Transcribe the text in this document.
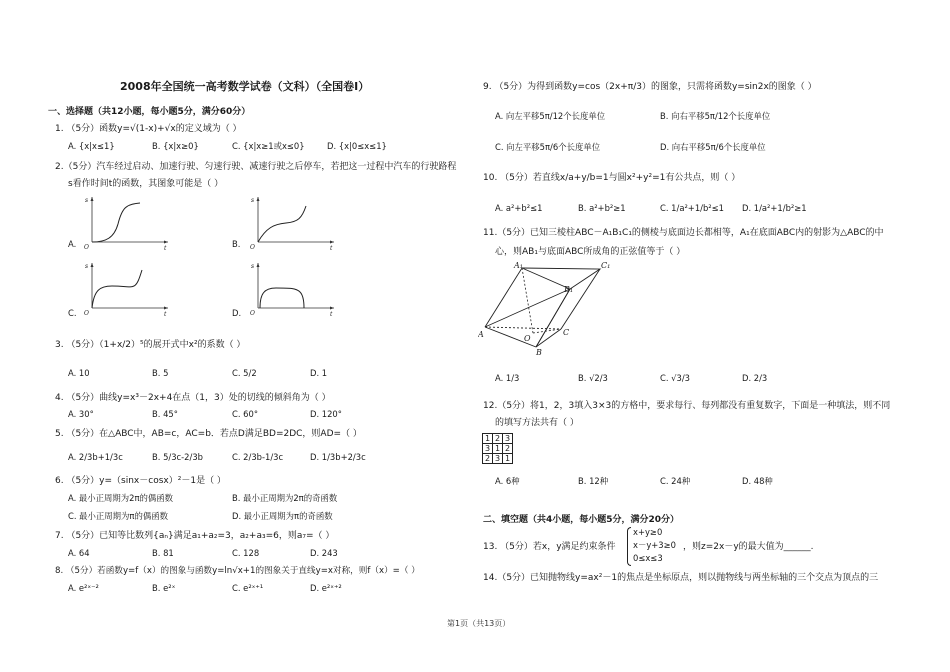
2008年全国统一高考数学试卷（文科）（全国卷Ⅰ）
一、选择题（共12小题，每小题5分，满分60分）
1. （5分）函数y=√(1-x)+√x的定义域为（ ）
A. {x|x≤1}	B. {x|x≥0}	C. {x|x≥1或x≤0}	D. {x|0≤x≤1}
2.（5分）汽车经过启动、加速行驶、匀速行驶、减速行驶之后停车，若把这一过程中汽车的行驶路程
s看作时间t的函数，其图象可能是（ ）
A.
s
t
O	B.
s
t
O
C.
s
t
O	D.
s
t
O
3. （5分）（1+x/2）⁵的展开式中x²的系数（ ）
A. 10	B. 5	C. 5/2	D. 1
4. （5分）曲线y=x³－2x+4在点（1，3）处的切线的倾斜角为（ ）
A. 30°	B. 45°	C. 60°	D. 120°
5. （5分）在△ABC中，AB=c，AC=b．若点D满足BD=2DC，则AD=（ ）
A. 2/3b+1/3c	B. 5/3c-2/3b	C. 2/3b-1/3c	D. 1/3b+2/3c
6. （5分）y=（sinx－cosx）²－1是（ ）
A. 最小正周期为2π的偶函数	B. 最小正周期为2π的奇函数
C. 最小正周期为π的偶函数	D. 最小正周期为π的奇函数
7. （5分）已知等比数列{aₙ}满足a₁+a₂=3，a₂+a₃=6，则a₇=（ ）
A. 64	B. 81	C. 128	D. 243
8. （5分）若函数y=f（x）的图象与函数y=ln√x+1的图象关于直线y=x对称，则f（x）=（ ）
A. e²ˣ⁻²	B. e²ˣ	C. e²ˣ⁺¹	D. e²ˣ⁺²
9. （5分）为得到函数y=cos（2x+π/3）的图象，只需将函数y=sin2x的图象（ ）
A. 向左平移5π/12个长度单位	B. 向右平移5π/12个长度单位
C. 向左平移5π/6个长度单位	D. 向右平移5π/6个长度单位
10. （5分）若直线x/a+y/b=1与圆x²+y²=1有公共点，则（ ）
A. a²+b²≤1	B. a²+b²≥1	C. 1/a²+1/b²≤1 D. 1/a²+1/b²≥1
11.（5分）已知三棱柱ABC－A₁B₁C₁的侧棱与底面边长都相等，A₁在底面ABC内的射影为△ABC的中
心，则AB₁与底面ABC所成角的正弦值等于（ ）
A₁	C₁
B₁
A	O
C
B
A. 1/3	B. √2/3	C. √3/3	D. 2/3
12.（5分）将1，2，3填入3×3的方格中，要求每行、每列都没有重复数字，下面是一种填法，则不同
的填写方法共有（ ）
1	2	3
3	1	2
2	3	1
A. 6种	B. 12种	C. 24种	D. 48种
二、填空题（共4小题，每小题5分，满分20分）
13. （5分）若x，y满足约束条件
x+y≥0
x－y+3≥0
0≤x≤3
，则z=2x－y的最大值为______.
14.（5分）已知抛物线y=ax²－1的焦点是坐标原点，则以抛物线与两坐标轴的三个交点为顶点的三
第1页（共13页）
